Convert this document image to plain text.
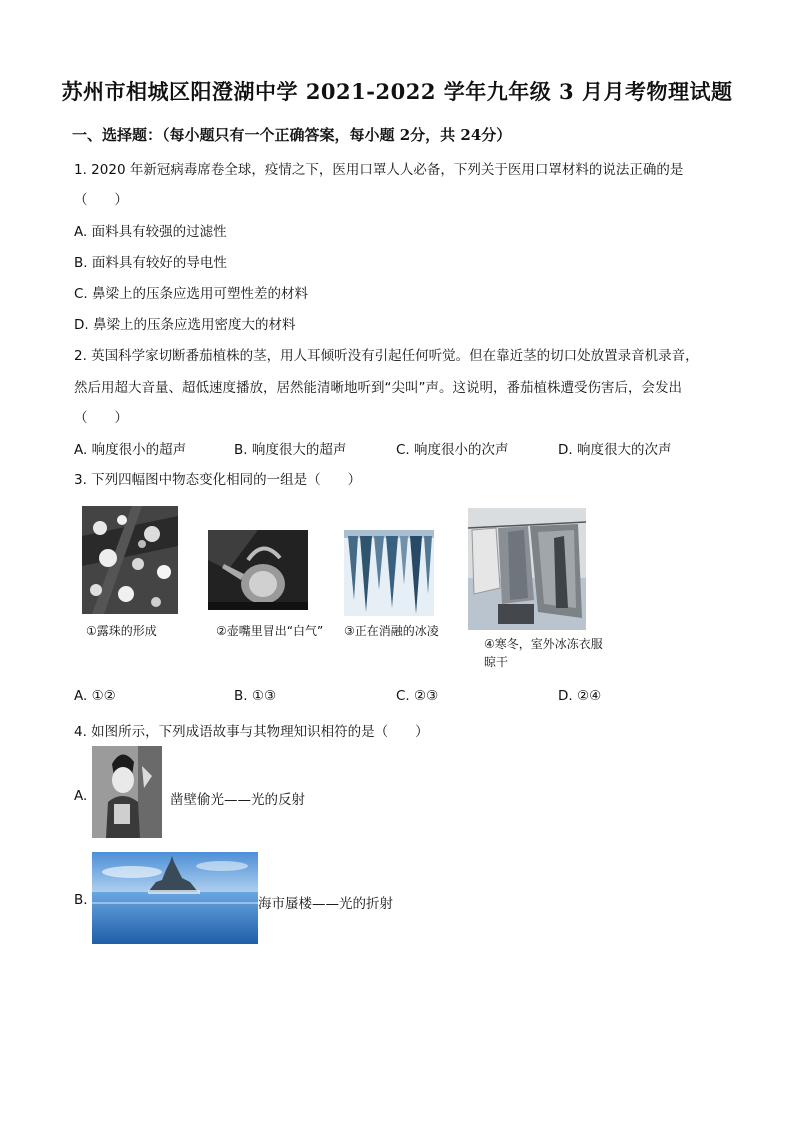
苏州市相城区阳澄湖中学 2021-2022 学年九年级 3 月月考物理试题
一、选择题：（每小题只有一个正确答案，每小题 2分，共 24分）
1. 2020 年新冠病毒席卷全球，疫情之下，医用口罩人人必备，下列关于医用口罩材料的说法正确的是
（　　）
A. 面料具有较强的过滤性
B. 面料具有较好的导电性
C. 鼻梁上的压条应选用可塑性差的材料
D. 鼻梁上的压条应选用密度大的材料
2. 英国科学家切断番茄植株的茎，用人耳倾听没有引起任何听觉。但在靠近茎的切口处放置录音机录音，
然后用超大音量、超低速度播放，居然能清晰地听到“尖叫”声。这说明，番茄植株遭受伤害后，会发出
（　　）
A. 响度很小的超声	B. 响度很大的超声	C. 响度很小的次声	D. 响度很大的次声
3. 下列四幅图中物态变化相同的一组是（　　）
①露珠的形成	②壶嘴里冒出“白气” ③正在消融的冰凌
④寒冬，室外冰冻衣服晾干
A. ①②	B. ①③	C. ②③	D. ②④
4. 如图所示，下列成语故事与其物理知识相符的是（　　）
A.	凿壁偷光——光的反射
B.	海市蜃楼——光的折射
